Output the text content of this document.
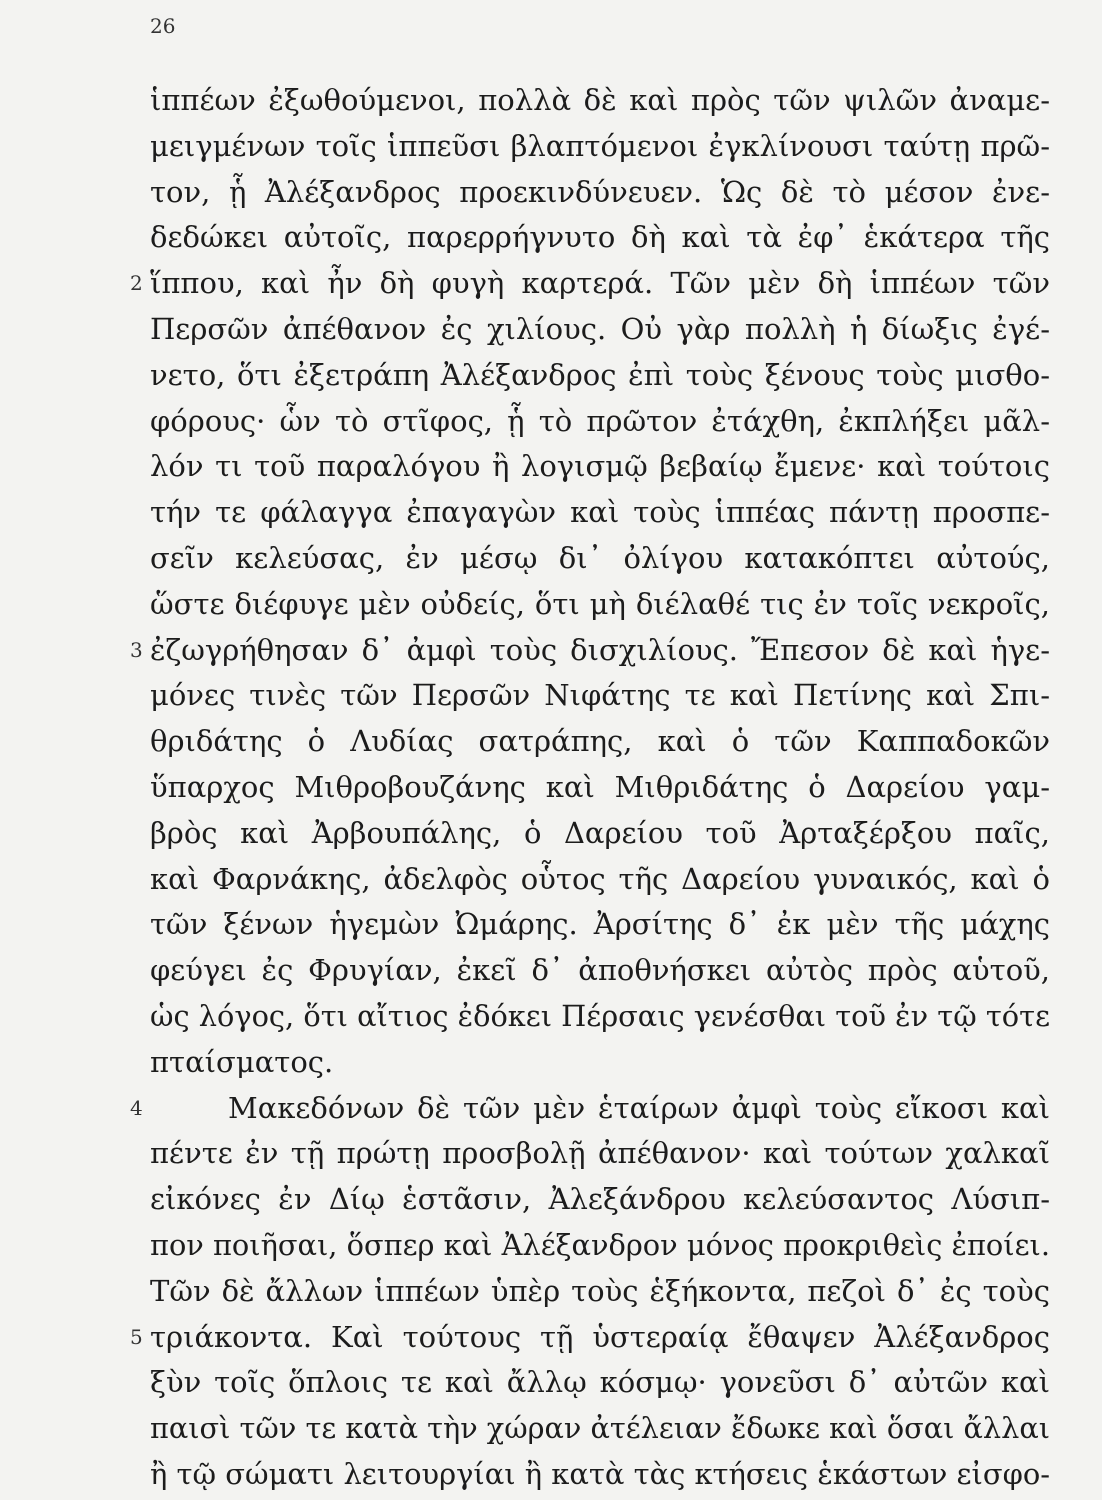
26
ἱππέων ἐξωθούμενοι, πολλὰ δὲ καὶ πρὸς τῶν ψιλῶν ἀναμε-
μειγμένων τοῖς ἱππεῦσι βλαπτόμενοι ἐγκλίνουσι ταύτῃ πρῶ-
τον, ᾗ Ἀλέξανδρος προεκινδύνευεν. Ὡς δὲ τὸ μέσον ἐνε-
δεδώκει αὐτοῖς, παρερρήγνυτο δὴ καὶ τὰ ἐφ᾽ ἑκάτερα τῆς
2 ἵππου, καὶ ἦν δὴ φυγὴ καρτερά. Τῶν μὲν δὴ ἱππέων τῶν
Περσῶν ἀπέθανον ἐς χιλίους. Οὐ γὰρ πολλὴ ἡ δίωξις ἐγέ-
νετο, ὅτι ἐξετράπη Ἀλέξανδρος ἐπὶ τοὺς ξένους τοὺς μισθο-
φόρους· ὧν τὸ στῖφος, ᾗ τὸ πρῶτον ἐτάχθη, ἐκπλήξει μᾶλ-
λόν τι τοῦ παραλόγου ἢ λογισμῷ βεβαίῳ ἔμενε· καὶ τούτοις
τήν τε φάλαγγα ἐπαγαγὼν καὶ τοὺς ἱππέας πάντῃ προσπε-
σεῖν κελεύσας, ἐν μέσῳ δι᾽ ὀλίγου κατακόπτει αὐτούς,
ὥστε διέφυγε μὲν οὐδείς, ὅτι μὴ διέλαθέ τις ἐν τοῖς νεκροῖς,
3 ἐζωγρήθησαν δ᾽ ἀμφὶ τοὺς δισχιλίους. Ἔπεσον δὲ καὶ ἡγε-
μόνες τινὲς τῶν Περσῶν Νιφάτης τε καὶ Πετίνης καὶ Σπι-
θριδάτης ὁ Λυδίας σατράπης, καὶ ὁ τῶν Καππαδοκῶν
ὕπαρχος Μιθροβουζάνης καὶ Μιθριδάτης ὁ Δαρείου γαμ-
βρὸς καὶ Ἀρβουπάλης, ὁ Δαρείου τοῦ Ἀρταξέρξου παῖς,
καὶ Φαρνάκης, ἀδελφὸς οὗτος τῆς Δαρείου γυναικός, καὶ ὁ
τῶν ξένων ἡγεμὼν Ὠμάρης. Ἀρσίτης δ᾽ ἐκ μὲν τῆς μάχης
φεύγει ἐς Φρυγίαν, ἐκεῖ δ᾽ ἀποθνήσκει αὐτὸς πρὸς αὑτοῦ,
ὡς λόγος, ὅτι αἴτιος ἐδόκει Πέρσαις γενέσθαι τοῦ ἐν τῷ τότε
πταίσματος.
4	Μακεδόνων δὲ τῶν μὲν ἑταίρων ἀμφὶ τοὺς εἴκοσι καὶ
πέντε ἐν τῇ πρώτῃ προσβολῇ ἀπέθανον· καὶ τούτων χαλκαῖ
εἰκόνες ἐν Δίῳ ἑστᾶσιν, Ἀλεξάνδρου κελεύσαντος Λύσιπ-
πον ποιῆσαι, ὅσπερ καὶ Ἀλέξανδρον μόνος προκριθεὶς ἐποίει.
Τῶν δὲ ἄλλων ἱππέων ὑπὲρ τοὺς ἑξήκοντα, πεζοὶ δ᾽ ἐς τοὺς
5 τριάκοντα. Καὶ τούτους τῇ ὑστεραίᾳ ἔθαψεν Ἀλέξανδρος
ξὺν τοῖς ὅπλοις τε καὶ ἄλλῳ κόσμῳ· γονεῦσι δ᾽ αὐτῶν καὶ
παισὶ τῶν τε κατὰ τὴν χώραν ἀτέλειαν ἔδωκε καὶ ὅσαι ἄλλαι
ἢ τῷ σώματι λειτουργίαι ἢ κατὰ τὰς κτήσεις ἑκάστων εἰσφο-
